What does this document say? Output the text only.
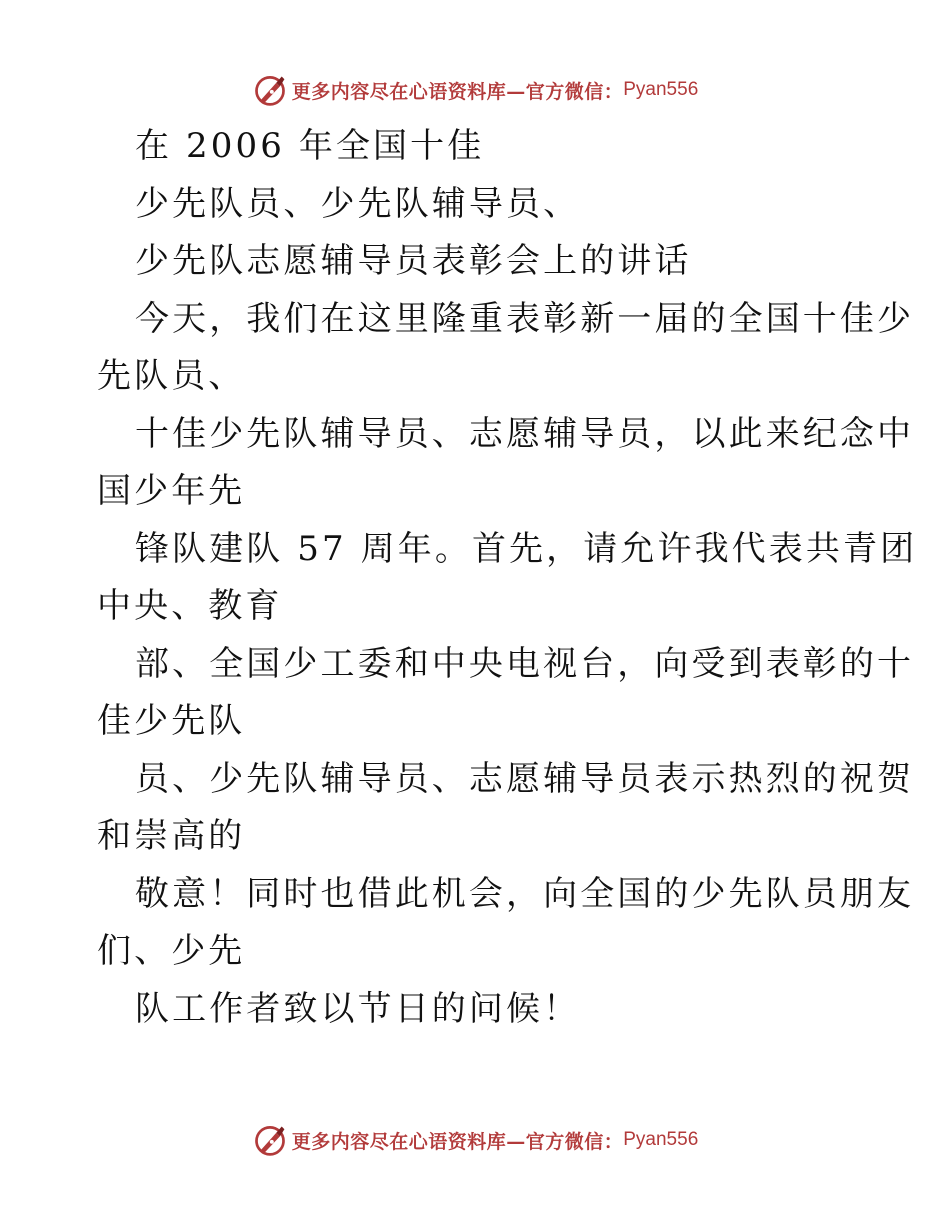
更多内容尽在心语资料库—官方微信： Pyan556
在 2006 年全国十佳
少先队员、少先队辅导员、
少先队志愿辅导员表彰会上的讲话
今天，我们在这里隆重表彰新一届的全国十佳少
先队员、
十佳少先队辅导员、志愿辅导员，以此来纪念中
国少年先
锋队建队 57 周年。首先，请允许我代表共青团
中央、教育
部、全国少工委和中央电视台，向受到表彰的十
佳少先队
员、少先队辅导员、志愿辅导员表示热烈的祝贺
和崇高的
敬意！同时也借此机会，向全国的少先队员朋友
们、少先
队工作者致以节日的问候！
更多内容尽在心语资料库—官方微信： Pyan556
